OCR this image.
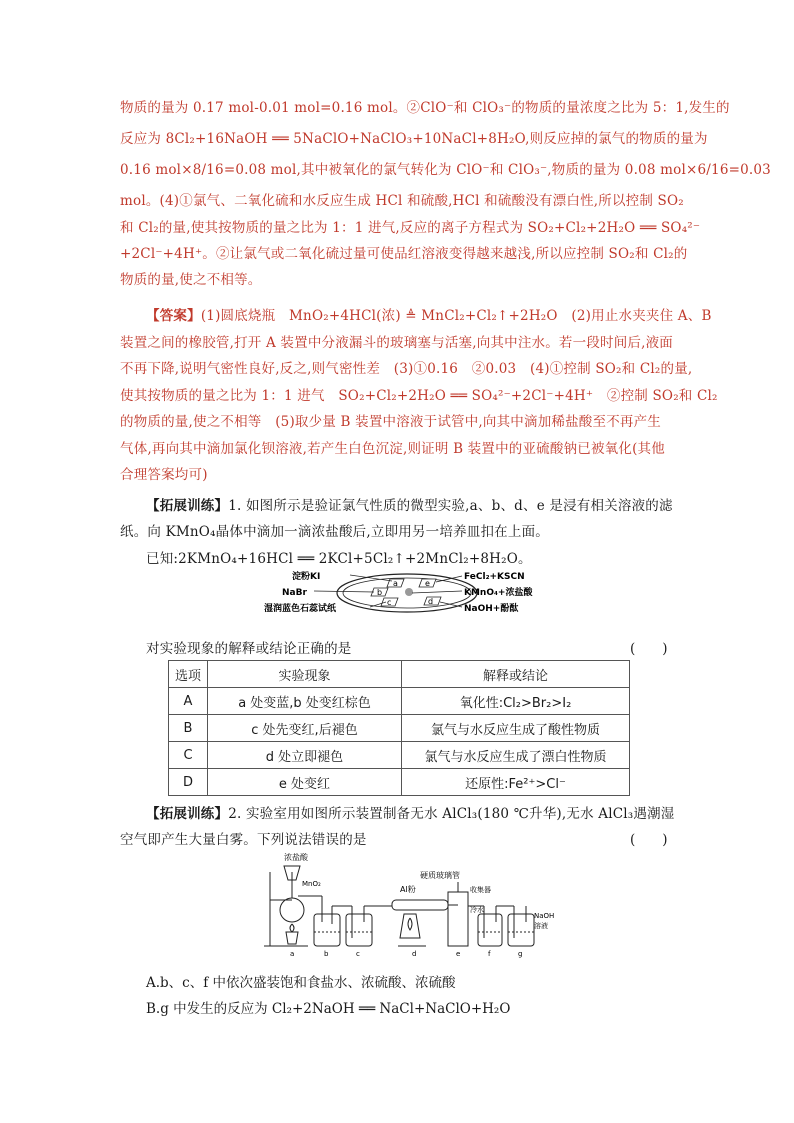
物质的量为 0.17 mol-0.01 mol=0.16 mol。②ClO⁻和 ClO₃⁻的物质的量浓度之比为 5：1,发生的
反应为 8Cl₂+16NaOH ══ 5NaClO+NaClO₃+10NaCl+8H₂O,则反应掉的氯气的物质的量为
0.16 mol×8/16=0.08 mol,其中被氧化的氯气转化为 ClO⁻和 ClO₃⁻,物质的量为 0.08 mol×6/16=0.03
mol。(4)①氯气、二氧化硫和水反应生成 HCl 和硫酸,HCl 和硫酸没有漂白性,所以控制 SO₂
和 Cl₂的量,使其按物质的量之比为 1：1 进气,反应的离子方程式为 SO₂+Cl₂+2H₂O ══ SO₄²⁻
+2Cl⁻+4H⁺。②让氯气或二氧化硫过量可使品红溶液变得越来越浅,所以应控制 SO₂和 Cl₂的
物质的量,使之不相等。
【答案】(1)圆底烧瓶　MnO₂+4HCl(浓) ≜ MnCl₂+Cl₂↑+2H₂O　(2)用止水夹夹住 A、B
装置之间的橡胶管,打开 A 装置中分液漏斗的玻璃塞与活塞,向其中注水。若一段时间后,液面
不再下降,说明气密性良好,反之,则气密性差　(3)①0.16　②0.03　(4)①控制 SO₂和 Cl₂的量,
使其按物质的量之比为 1：1 进气　SO₂+Cl₂+2H₂O ══ SO₄²⁻+2Cl⁻+4H⁺　②控制 SO₂和 Cl₂
的物质的量,使之不相等　(5)取少量 B 装置中溶液于试管中,向其中滴加稀盐酸至不再产生
气体,再向其中滴加氯化钡溶液,若产生白色沉淀,则证明 B 装置中的亚硫酸钠已被氧化(其他
合理答案均可)
【拓展训练】1. 如图所示是验证氯气性质的微型实验,a、b、d、e 是浸有相关溶液的滤
纸。向 KMnO₄晶体中滴加一滴浓盐酸后,立即用另一培养皿扣在上面。
已知:2KMnO₄+16HCl ══ 2KCl+5Cl₂↑+2MnCl₂+8H₂O。
a
b
c	d
e
淀粉KI
NaBr
湿润蓝色石蕊试纸
FeCl₂+KSCN
KMnO₄+浓盐酸
NaOH+酚酞
对实验现象的解释或结论正确的是	(　　)
选项	实验现象	解释或结论
A	a 处变蓝,b 处变红棕色	氧化性:Cl₂>Br₂>I₂
B	c 处先变红,后褪色	氯气与水反应生成了酸性物质
C	d 处立即褪色	氯气与水反应生成了漂白性物质
D	e 处变红	还原性:Fe²⁺>Cl⁻
【拓展训练】2. 实验室用如图所示装置制备无水 AlCl₃(180 ℃升华),无水 AlCl₃遇潮湿
空气即产生大量白雾。下列说法错误的是	(　　)
浓盐酸
MnO₂
Al粉
硬质玻璃管
收集器
冷水
NaOH
溶液
a	b	c	d	e	f	g
A.b、c、f 中依次盛装饱和食盐水、浓硫酸、浓硫酸
B.g 中发生的反应为 Cl₂+2NaOH ══ NaCl+NaClO+H₂O
